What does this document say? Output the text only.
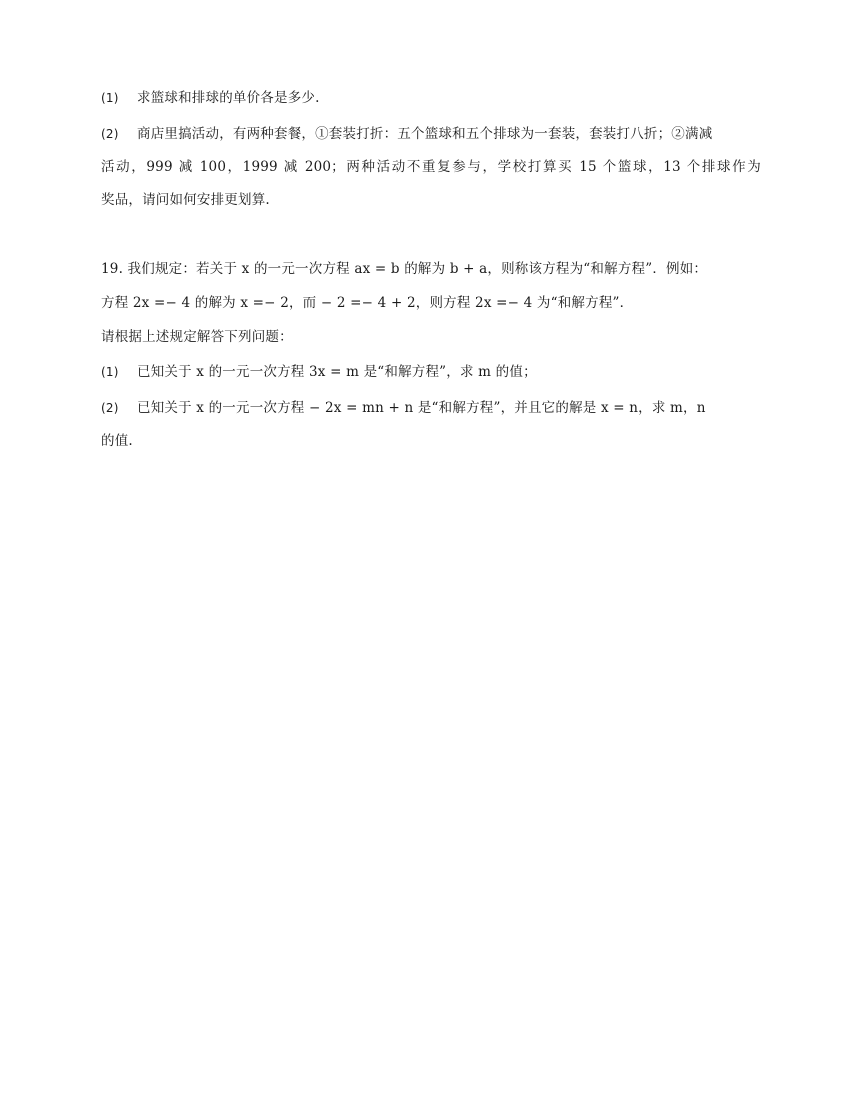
(1) 求篮球和排球的单价各是多少.
(2) 商店里搞活动，有两种套餐，①套装打折：五个篮球和五个排球为一套装，套装打八折；②满减
活动，999 减 100，1999 减 200；两种活动不重复参与，学校打算买 15 个篮球，13 个排球作为
奖品，请问如何安排更划算.
19. 我们规定：若关于 x 的一元一次方程 ax = b 的解为 b + a，则称该方程为“和解方程”．例如：
方程 2x =− 4 的解为 x =− 2，而 − 2 =− 4 + 2，则方程 2x =− 4 为“和解方程”．
请根据上述规定解答下列问题：
(1) 已知关于 x 的一元一次方程 3x = m 是“和解方程”，求 m 的值；
(2) 已知关于 x 的一元一次方程 − 2x = mn + n 是“和解方程”，并且它的解是 x = n，求 m，n
的值.
